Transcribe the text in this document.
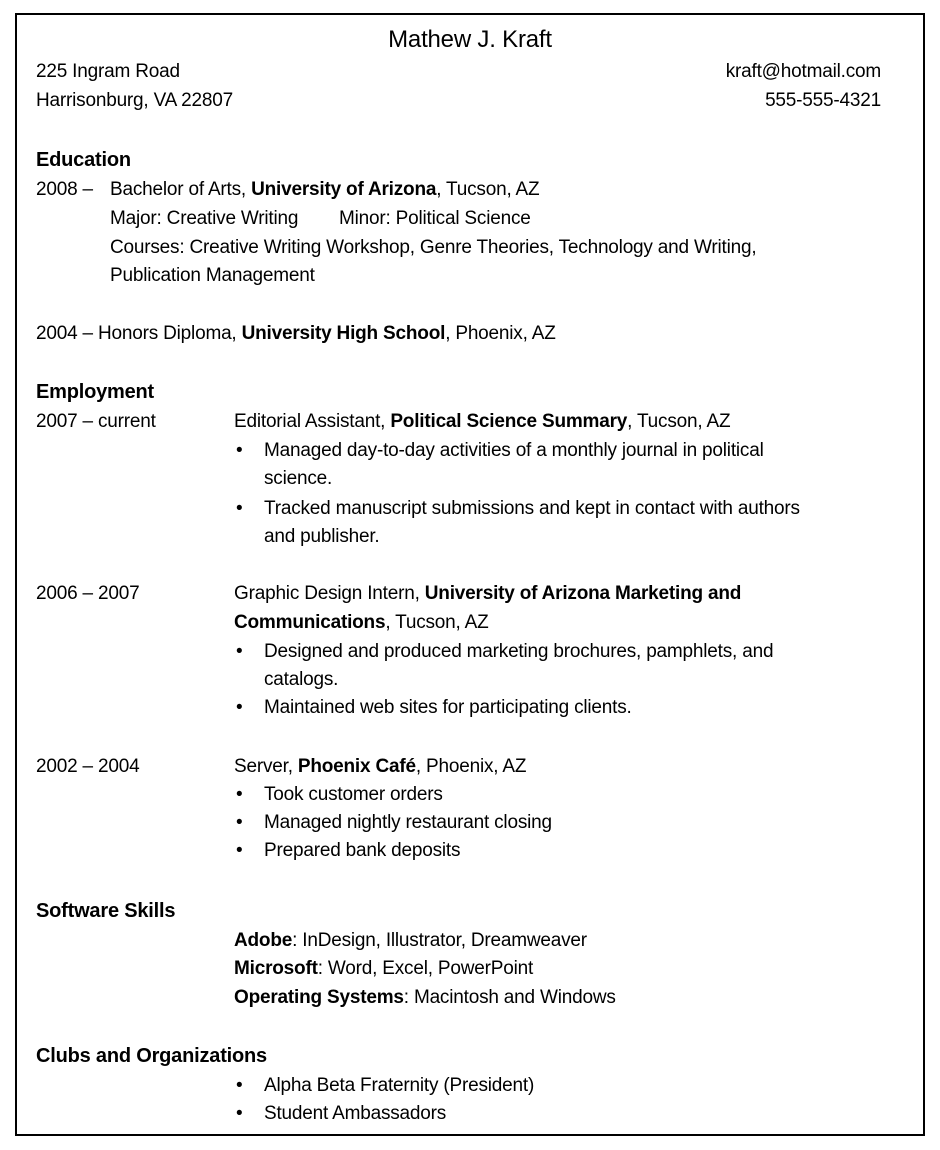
Mathew J. Kraft
225 Ingram Road
Harrisonburg, VA 22807
kraft@hotmail.com
555-555-4321
Education
2008 – Bachelor of Arts, University of Arizona, Tucson, AZ
Major: Creative Writing Minor: Political Science
Courses: Creative Writing Workshop, Genre Theories, Technology and Writing,
Publication Management
2004 – Honors Diploma, University High School, Phoenix, AZ
Employment
2007 – current	Editorial Assistant, Political Science Summary, Tucson, AZ
• Managed day-to-day activities of a monthly journal in political
science.
• Tracked manuscript submissions and kept in contact with authors
and publisher.
2006 – 2007	Graphic Design Intern, University of Arizona Marketing and
Communications, Tucson, AZ
• Designed and produced marketing brochures, pamphlets, and
catalogs.
• Maintained web sites for participating clients.
2002 – 2004	Server, Phoenix Café, Phoenix, AZ
• Took customer orders
• Managed nightly restaurant closing
• Prepared bank deposits
Software Skills
Adobe: InDesign, Illustrator, Dreamweaver
Microsoft: Word, Excel, PowerPoint
Operating Systems: Macintosh and Windows
Clubs and Organizations
• Alpha Beta Fraternity (President)
• Student Ambassadors
